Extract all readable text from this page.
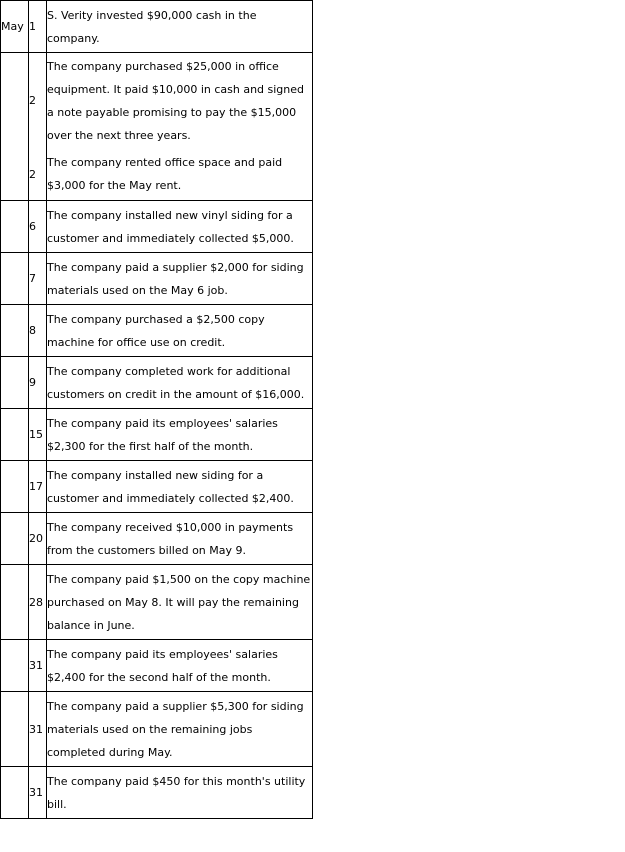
May	1	S. Verity invested $90,000 cash in the company.
	2	The company purchased $25,000 in office equipment. It paid $10,000 in cash and signed a note payable promising to pay the $15,000 over the next three years.
	2	The company rented office space and paid $3,000 for the May rent.
	6	The company installed new vinyl siding for a customer and immediately collected $5,000.
	7	The company paid a supplier $2,000 for siding materials used on the May 6 job.
	8	The company purchased a $2,500 copy machine for office use on credit.
	9	The company completed work for additional customers on credit in the amount of $16,000.
	15	The company paid its employees' salaries $2,300 for the first half of the month.
	17	The company installed new siding for a customer and immediately collected $2,400.
	20	The company received $10,000 in payments from the customers billed on May 9.
	28	The company paid $1,500 on the copy machine purchased on May 8. It will pay the remaining balance in June.
	31	The company paid its employees' salaries $2,400 for the second half of the month.
	31	The company paid a supplier $5,300 for siding materials used on the remaining jobs completed during May.
	31	The company paid $450 for this month's utility bill.
